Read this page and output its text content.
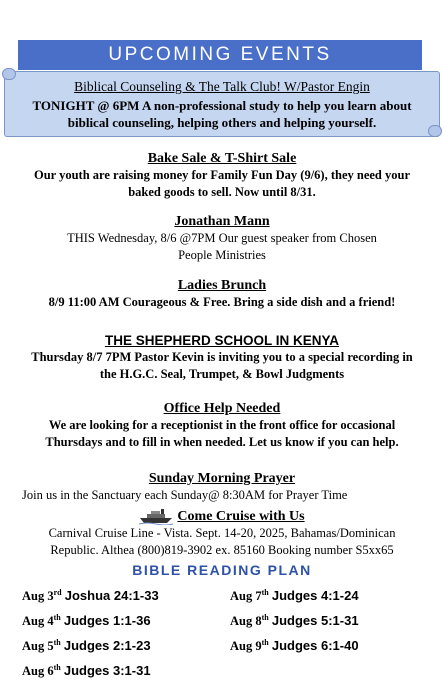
UPCOMING EVENTS
Biblical Counseling & The Talk Club! W/Pastor Engin
TONIGHT @ 6PM A non-professional study to help you learn about biblical counseling, helping others and helping yourself.
Bake Sale & T-Shirt Sale
Our youth are raising money for Family Fun Day (9/6), they need your baked goods to sell. Now until 8/31.
Jonathan Mann
THIS Wednesday, 8/6 @7PM Our guest speaker from Chosen People Ministries
Ladies Brunch
8/9 11:00 AM Courageous & Free. Bring a side dish and a friend!
THE SHEPHERD SCHOOL IN KENYA
Thursday 8/7 7PM Pastor Kevin is inviting you to a special recording in the H.G.C. Seal, Trumpet, & Bowl Judgments
Office Help Needed
We are looking for a receptionist in the front office for occasional Thursdays and to fill in when needed. Let us know if you can help.
Sunday Morning Prayer
Join us in the Sanctuary each Sunday@ 8:30AM for Prayer Time
Come Cruise with Us
Carnival Cruise Line - Vista. Sept. 14-20, 2025, Bahamas/Dominican Republic. Althea (800)819-3902 ex. 85160 Booking number S5xx65
BIBLE READING PLAN
Aug 3rd Joshua 24:1-33
Aug 4th Judges 1:1-36
Aug 5th Judges 2:1-23
Aug 6th Judges 3:1-31
Aug 7th Judges 4:1-24
Aug 8th Judges 5:1-31
Aug 9th Judges 6:1-40
